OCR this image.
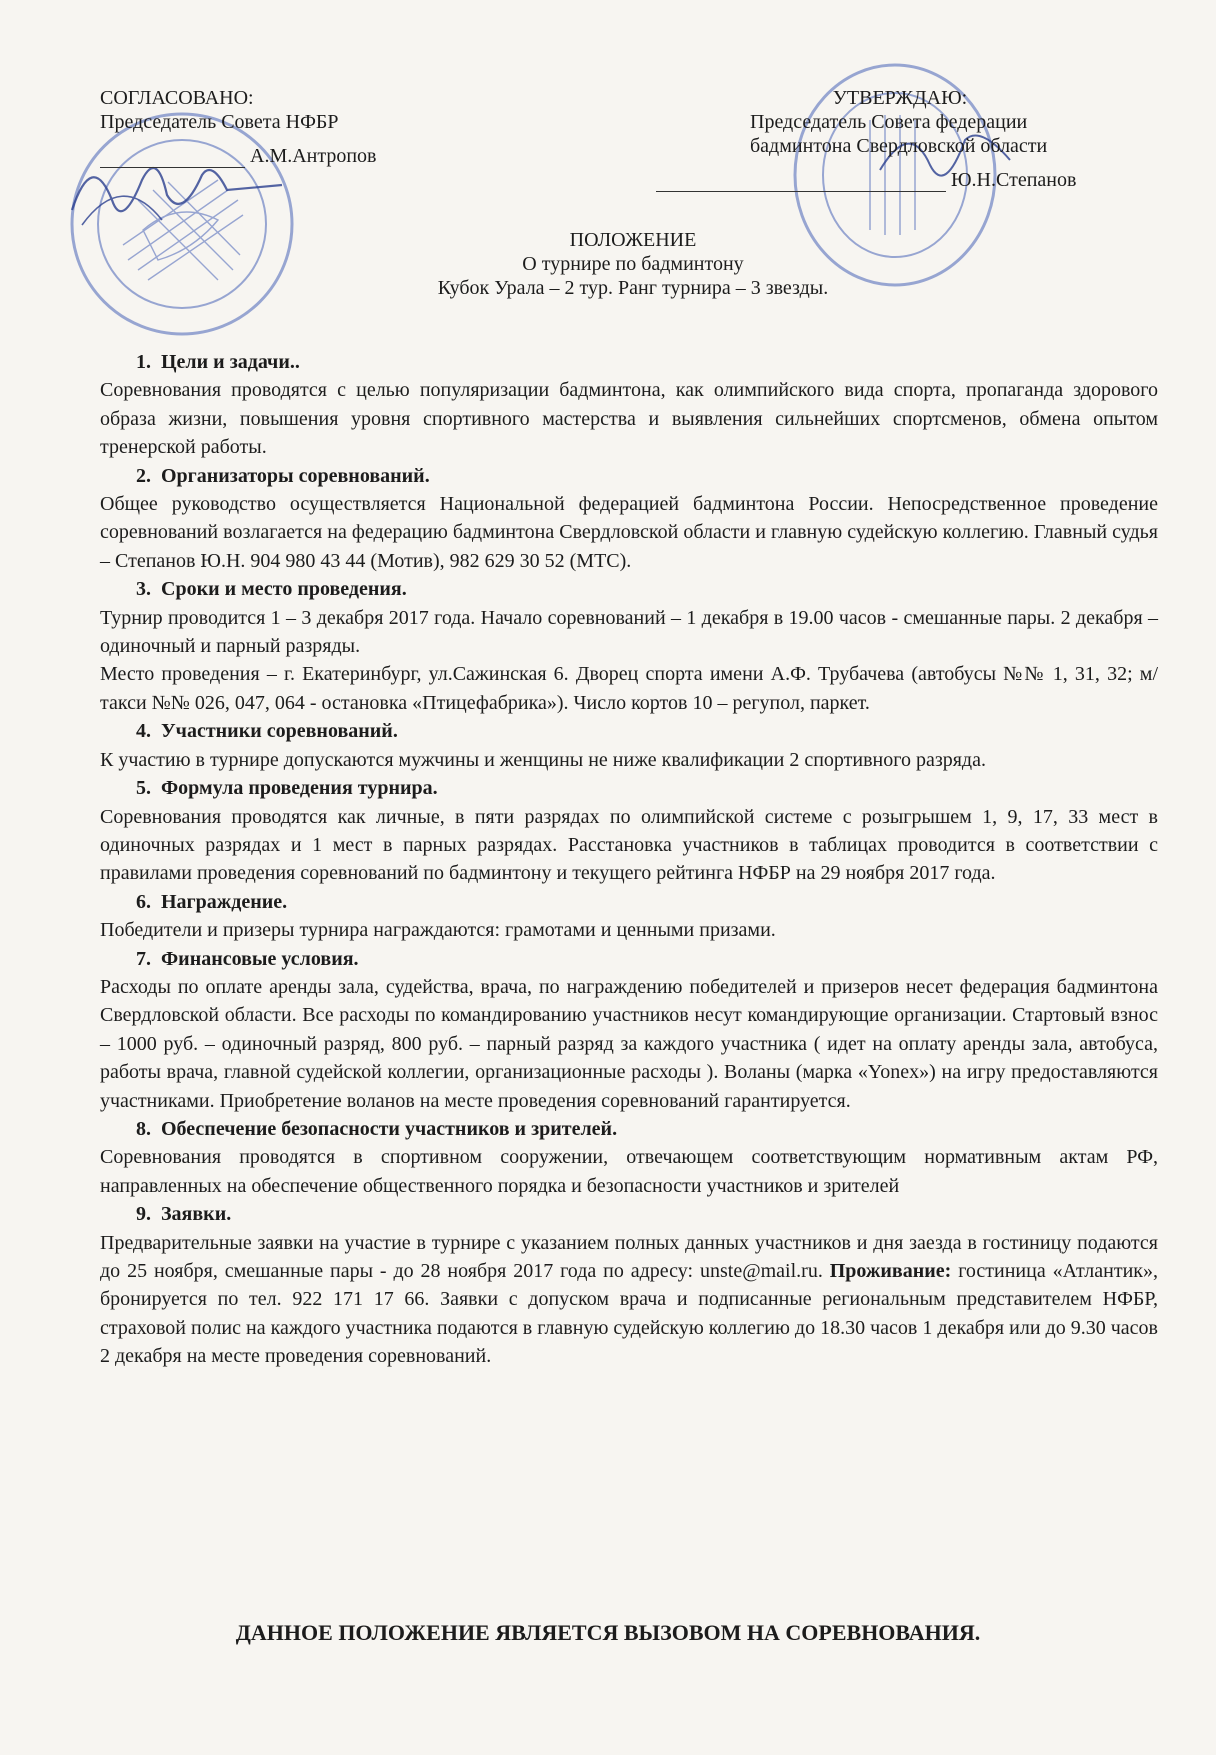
СОГЛАСОВАНО:
Председатель Совета НФБР
А.М.Антропов
УТВЕРЖДАЮ:
Председатель Совета федерации
бадминтона Свердловской области
Ю.Н.Степанов
ПОЛОЖЕНИЕ
О турнире по бадминтону
Кубок Урала – 2 тур. Ранг турнира – 3 звезды.
1.  Цели и задачи..
Соревнования проводятся с целью популяризации бадминтона, как олимпийского вида спорта, пропаганда здорового образа жизни, повышения уровня спортивного мастерства и выявления сильнейших спортсменов, обмена опытом тренерской работы.
2.  Организаторы соревнований.
Общее руководство осуществляется Национальной федерацией бадминтона России. Непосредственное проведение соревнований возлагается на федерацию бадминтона Свердловской области и главную судейскую коллегию. Главный судья – Степанов Ю.Н. 904 980 43 44 (Мотив), 982 629 30 52 (МТС).
3.  Сроки и место проведения.
Турнир проводится 1 – 3 декабря 2017 года. Начало соревнований – 1 декабря в 19.00 часов - смешанные пары. 2 декабря – одиночный и парный разряды.
Место проведения – г. Екатеринбург, ул.Сажинская 6. Дворец спорта имени А.Ф. Трубачева (автобусы №№ 1, 31, 32; м/такси №№ 026, 047, 064 - остановка «Птицефабрика»). Число кортов 10 – регупол, паркет.
4.  Участники соревнований.
К участию в турнире допускаются мужчины и женщины не ниже квалификации 2 спортивного разряда.
5.  Формула проведения турнира.
Соревнования проводятся как личные, в пяти разрядах по олимпийской системе с розыгрышем 1, 9, 17, 33 мест в одиночных разрядах и 1 мест в парных разрядах. Расстановка участников в таблицах проводится в соответствии с правилами проведения соревнований по бадминтону и текущего рейтинга НФБР на 29 ноября 2017 года.
6.  Награждение.
Победители и призеры турнира награждаются: грамотами и ценными призами.
7.  Финансовые условия.
Расходы по оплате аренды зала, судейства, врача, по награждению победителей и призеров несет федерация бадминтона Свердловской области. Все расходы по командированию участников несут командирующие организации. Стартовый взнос – 1000 руб. – одиночный разряд, 800 руб. – парный разряд за каждого участника ( идет на оплату аренды зала, автобуса, работы врача, главной судейской коллегии, организационные расходы ). Воланы (марка «Yonex») на игру предоставляются участниками. Приобретение воланов на месте проведения соревнований гарантируется.
8.  Обеспечение безопасности участников и зрителей.
Соревнования проводятся в спортивном сооружении, отвечающем соответствующим нормативным актам РФ, направленных на обеспечение общественного порядка и безопасности участников и зрителей
9.  Заявки.
Предварительные заявки на участие в турнире с указанием полных данных участников и дня заезда в гостиницу подаются до 25 ноября, смешанные пары - до 28 ноября 2017 года по адресу: unste@mail.ru. Проживание: гостиница «Атлантик», бронируется по тел. 922 171 17 66. Заявки с допуском врача и подписанные региональным представителем НФБР, страховой полис на каждого участника подаются в главную судейскую коллегию до 18.30 часов 1 декабря или до 9.30 часов 2 декабря на месте проведения соревнований.
ДАННОЕ ПОЛОЖЕНИЕ ЯВЛЯЕТСЯ ВЫЗОВОМ НА СОРЕВНОВАНИЯ.
